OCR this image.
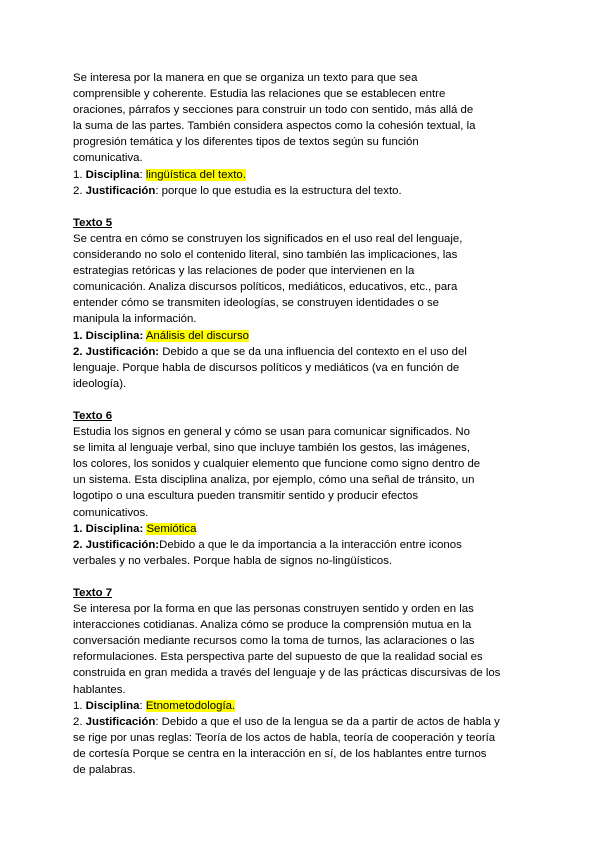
Se interesa por la manera en que se organiza un texto para que sea
comprensible y coherente. Estudia las relaciones que se establecen entre
oraciones, párrafos y secciones para construir un todo con sentido, más allá de
la suma de las partes. También considera aspectos como la cohesión textual, la
progresión temática y los diferentes tipos de textos según su función
comunicativa.
1. Disciplina: lingüística del texto.
2. Justificación: porque lo que estudia es la estructura del texto.
Texto 5
Se centra en cómo se construyen los significados en el uso real del lenguaje,
considerando no solo el contenido literal, sino también las implicaciones, las
estrategias retóricas y las relaciones de poder que intervienen en la
comunicación. Analiza discursos políticos, mediáticos, educativos, etc., para
entender cómo se transmiten ideologías, se construyen identidades o se
manipula la información.
1. Disciplina: Análisis del discurso
2. Justificación: Debido a que se da una influencia del contexto en el uso del
lenguaje. Porque habla de discursos políticos y mediáticos (va en función de
ideología).
Texto 6
Estudia los signos en general y cómo se usan para comunicar significados. No
se limita al lenguaje verbal, sino que incluye también los gestos, las imágenes,
los colores, los sonidos y cualquier elemento que funcione como signo dentro de
un sistema. Esta disciplina analiza, por ejemplo, cómo una señal de tránsito, un
logotipo o una escultura pueden transmitir sentido y producir efectos
comunicativos.
1. Disciplina: Semiótica
2. Justificación:Debido a que le da importancia a la interacción entre iconos
verbales y no verbales. Porque habla de signos no-lingüísticos.
Texto 7
Se interesa por la forma en que las personas construyen sentido y orden en las
interacciones cotidianas. Analiza cómo se produce la comprensión mutua en la
conversación mediante recursos como la toma de turnos, las aclaraciones o las
reformulaciones. Esta perspectiva parte del supuesto de que la realidad social es
construida en gran medida a través del lenguaje y de las prácticas discursivas de los
hablantes.
1. Disciplina: Etnometodología.
2. Justificación: Debido a que el uso de la lengua se da a partir de actos de habla y
se rige por unas reglas: Teoría de los actos de habla, teoría de cooperación y teoría
de cortesía Porque se centra en la interacción en sí, de los hablantes entre turnos
de palabras.
